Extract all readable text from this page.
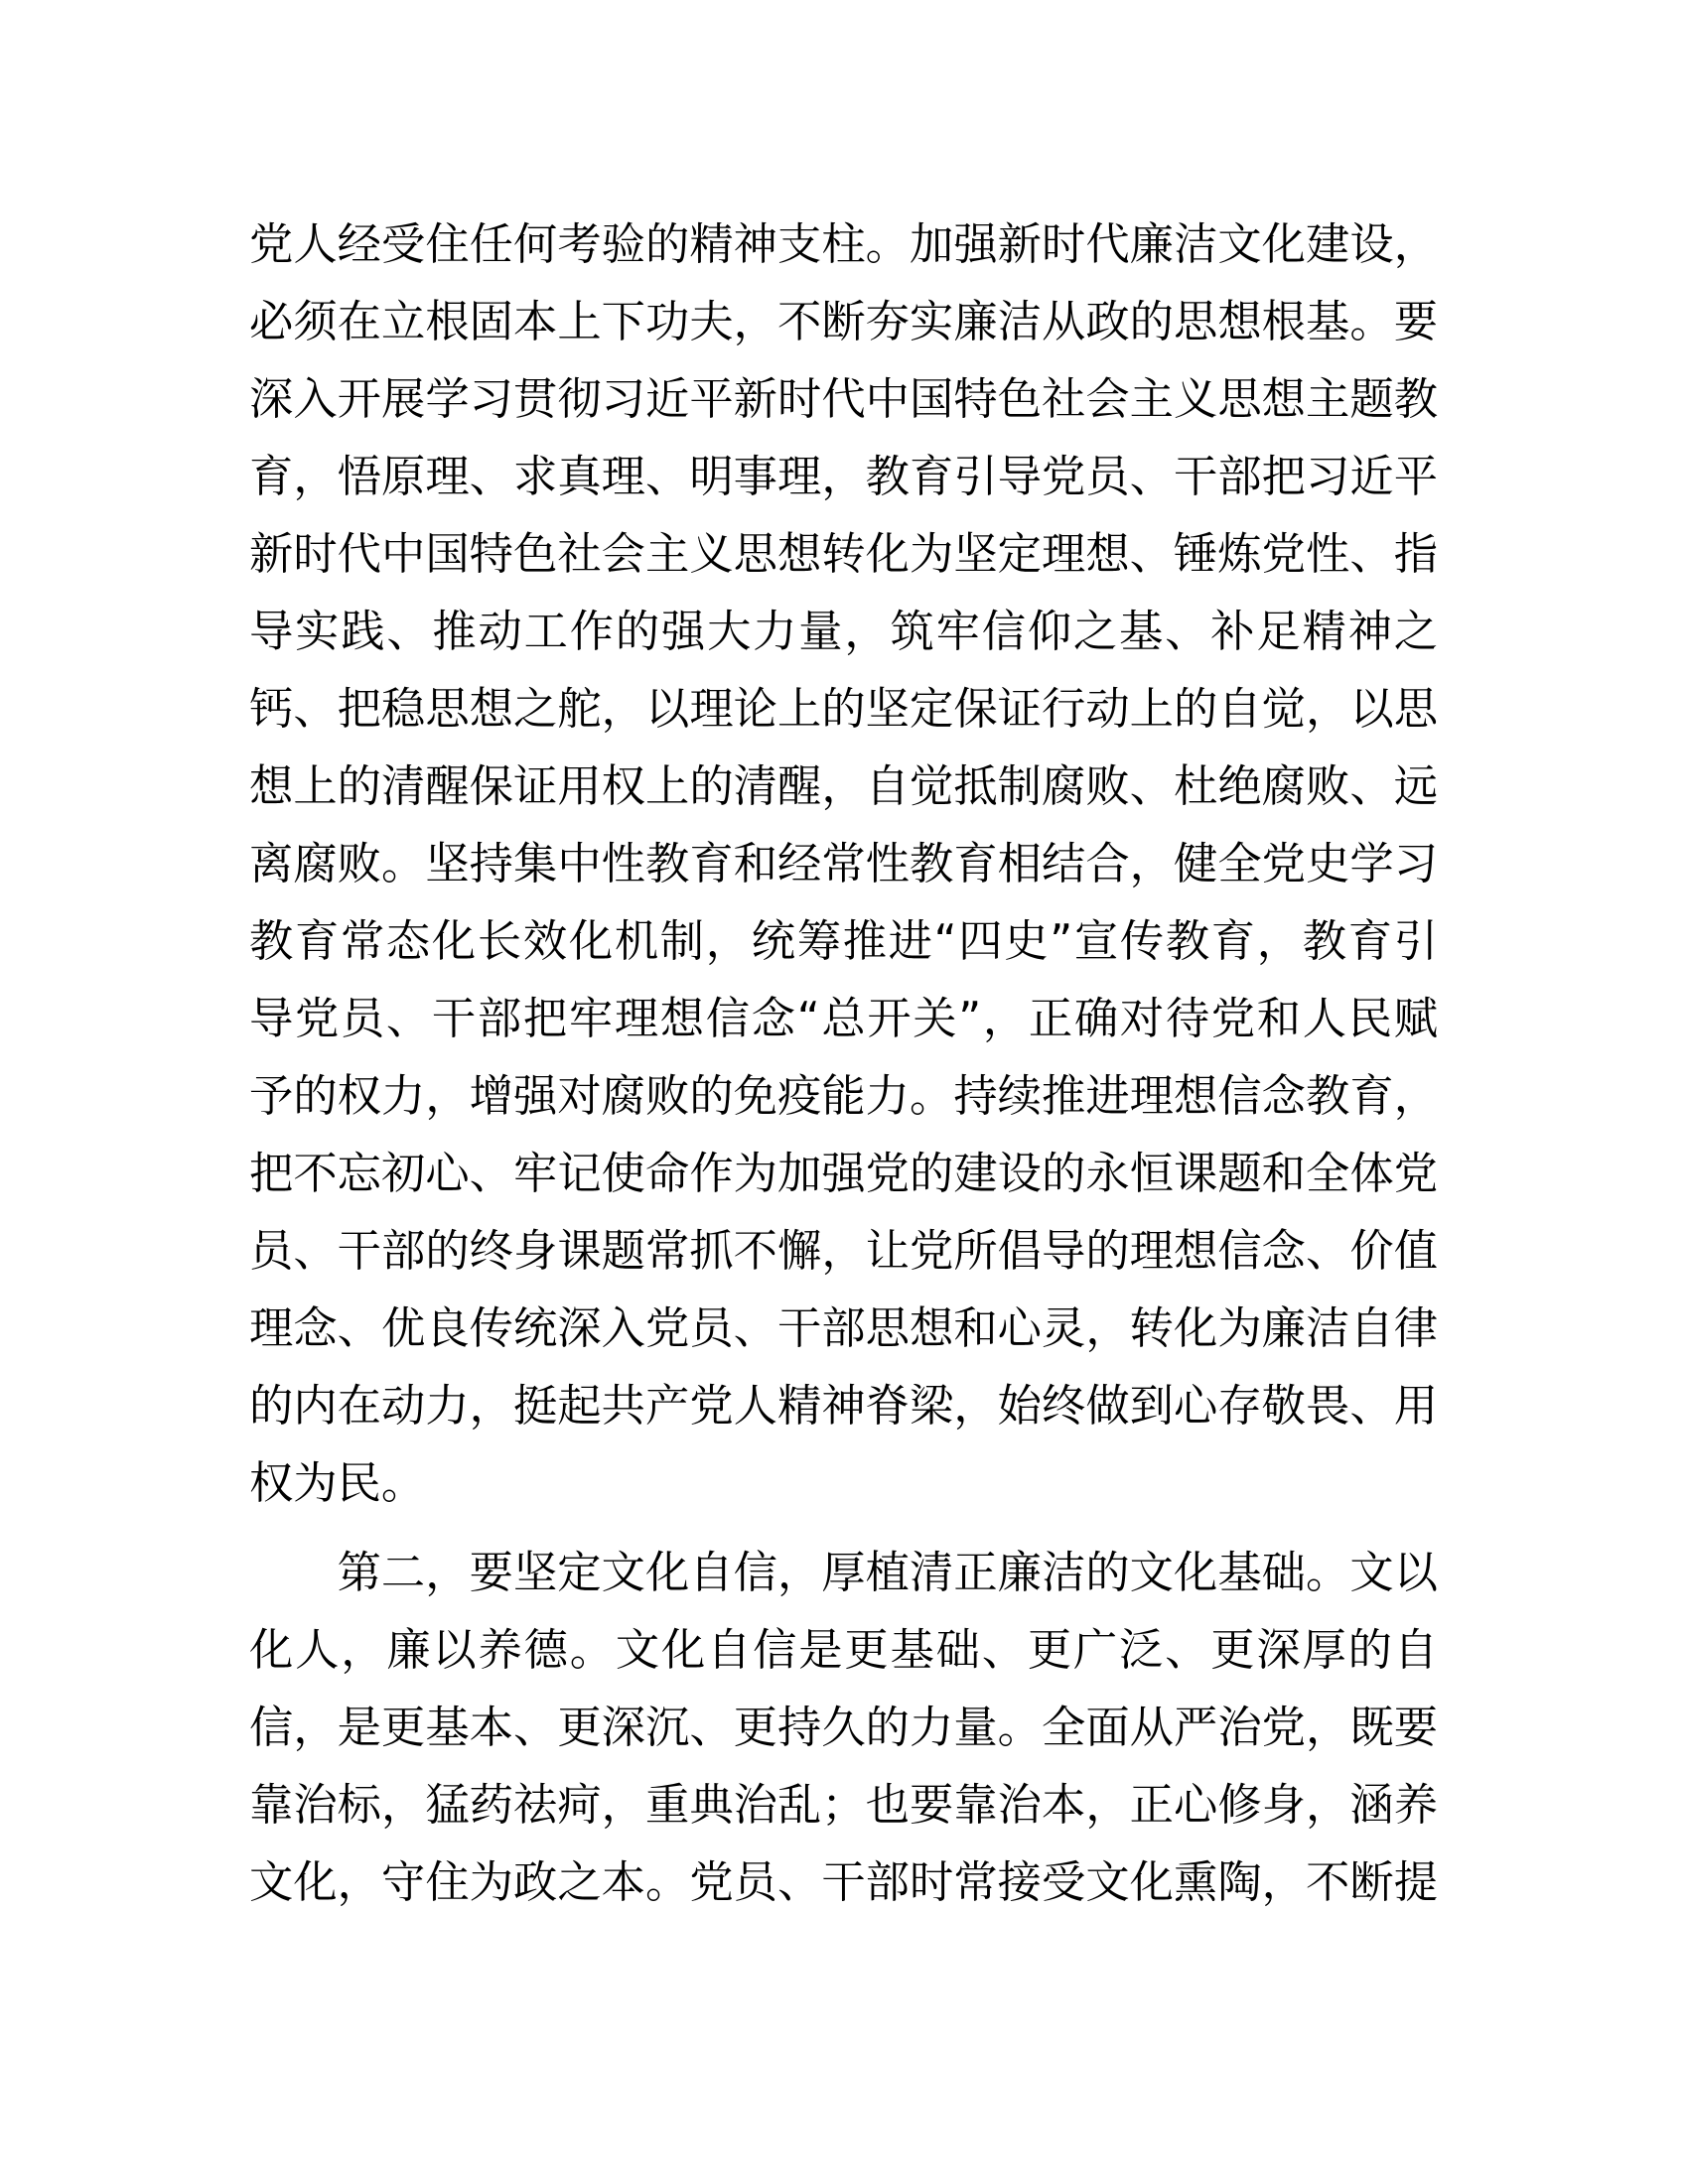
党人经受住任何考验的精神支柱。加强新时代廉洁文化建设，
必须在立根固本上下功夫，不断夯实廉洁从政的思想根基。要
深入开展学习贯彻习近平新时代中国特色社会主义思想主题教
育，悟原理、求真理、明事理，教育引导党员、干部把习近平
新时代中国特色社会主义思想转化为坚定理想、锤炼党性、指
导实践、推动工作的强大力量，筑牢信仰之基、补足精神之
钙、把稳思想之舵，以理论上的坚定保证行动上的自觉，以思
想上的清醒保证用权上的清醒，自觉抵制腐败、杜绝腐败、远
离腐败。坚持集中性教育和经常性教育相结合，健全党史学习
教育常态化长效化机制，统筹推进“四史”宣传教育，教育引
导党员、干部把牢理想信念“总开关”，正确对待党和人民赋
予的权力，增强对腐败的免疫能力。持续推进理想信念教育，
把不忘初心、牢记使命作为加强党的建设的永恒课题和全体党
员、干部的终身课题常抓不懈，让党所倡导的理想信念、价值
理念、优良传统深入党员、干部思想和心灵，转化为廉洁自律
的内在动力，挺起共产党人精神脊梁，始终做到心存敬畏、用
权为民。

第二，要坚定文化自信，厚植清正廉洁的文化基础。文以
化人，廉以养德。文化自信是更基础、更广泛、更深厚的自
信，是更基本、更深沉、更持久的力量。全面从严治党，既要
靠治标，猛药祛疴，重典治乱；也要靠治本，正心修身，涵养
文化，守住为政之本。党员、干部时常接受文化熏陶，不断提
